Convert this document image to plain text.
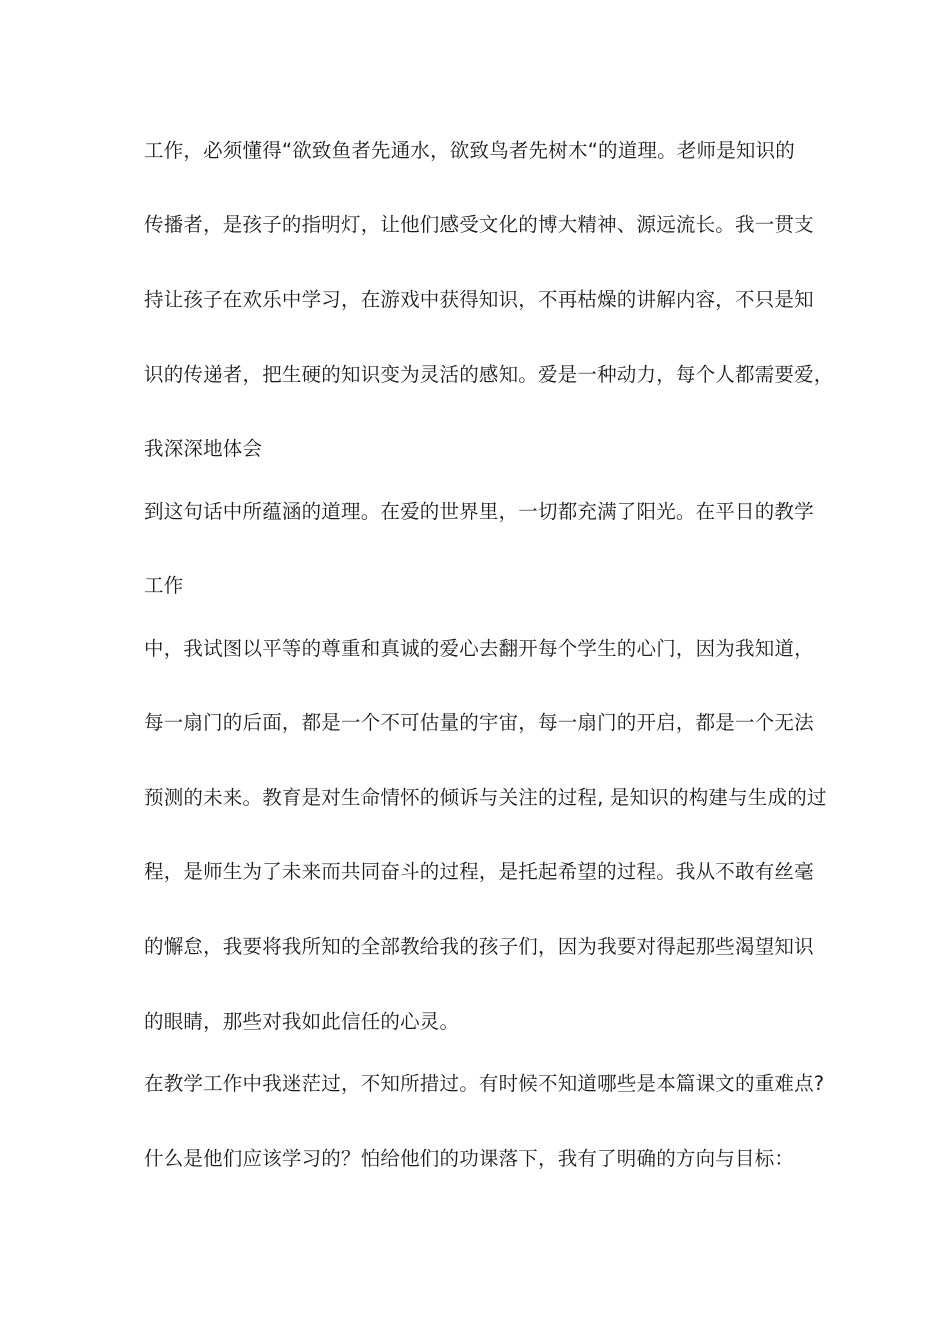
工作，必须懂得“欲致鱼者先通水，欲致鸟者先树木“的道理。老师是知识的
传播者，是孩子的指明灯，让他们感受文化的博大精神、源远流长。我一贯支
持让孩子在欢乐中学习，在游戏中获得知识，不再枯燥的讲解内容，不只是知
识的传递者，把生硬的知识变为灵活的感知。爱是一种动力，每个人都需要爱，
我深深地体会
到这句话中所蕴涵的道理。在爱的世界里，一切都充满了阳光。在平日的教学
工作
中，我试图以平等的尊重和真诚的爱心去翻开每个学生的心门，因为我知道，
每一扇门的后面，都是一个不可估量的宇宙，每一扇门的开启，都是一个无法
预测的未来。教育是对生命情怀的倾诉与关注的过程, 是知识的构建与生成的过
程，是师生为了未来而共同奋斗的过程，是托起希望的过程。我从不敢有丝毫
的懈怠，我要将我所知的全部教给我的孩子们，因为我要对得起那些渴望知识
的眼睛，那些对我如此信任的心灵。
在教学工作中我迷茫过，不知所措过。有时候不知道哪些是本篇课文的重难点?
什么是他们应该学习的？怕给他们的功课落下，我有了明确的方向与目标：
